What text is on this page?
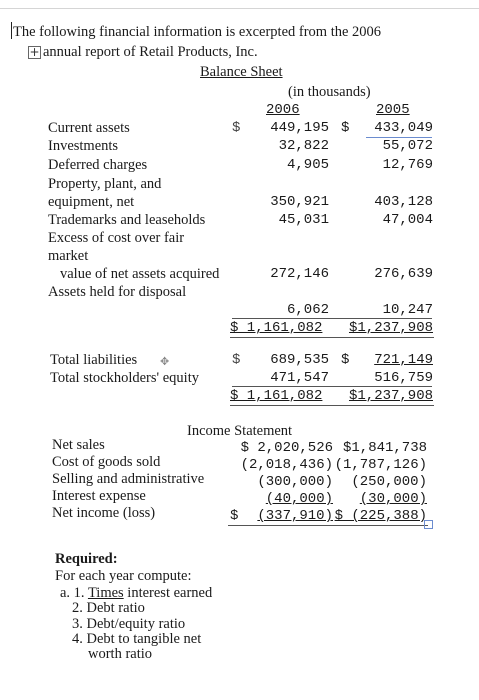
The following financial information is excerpted from the 2006
+ annual report of Retail Products, Inc.
Balance Sheet
(in thousands)
2006	2005
Current assets
Investments
Deferred charges
Property, plant, and
equipment, net
Trademarks and leaseholds
Excess of cost over fair
market
value of net assets acquired
Assets held for disposal
$ 449,195
32,822
4,905
350,921
45,031
272,146
6,062
$ 433,049
55,072
12,769
403,128
47,004
276,639
10,247
$ 1,161,082 $1,237,908
Total liabilities ✥
Total stockholders' equity
$ 689,535 $ 721,149
471,547	516,759
$ 1,161,082 $1,237,908
Income Statement
Net sales
Cost of goods sold
Selling and administrative
Interest expense
Net income (loss)
$ 2,020,526
(2,018,436)
(300,000)
(40,000)
$ (337,910)
$1,841,738
(1,787,126)
(250,000)
(30,000)
$ (225,388)
Required:
For each year compute:
a. 1. Times interest earned
2. Debt ratio
3. Debt/equity ratio
4. Debt to tangible net
worth ratio
